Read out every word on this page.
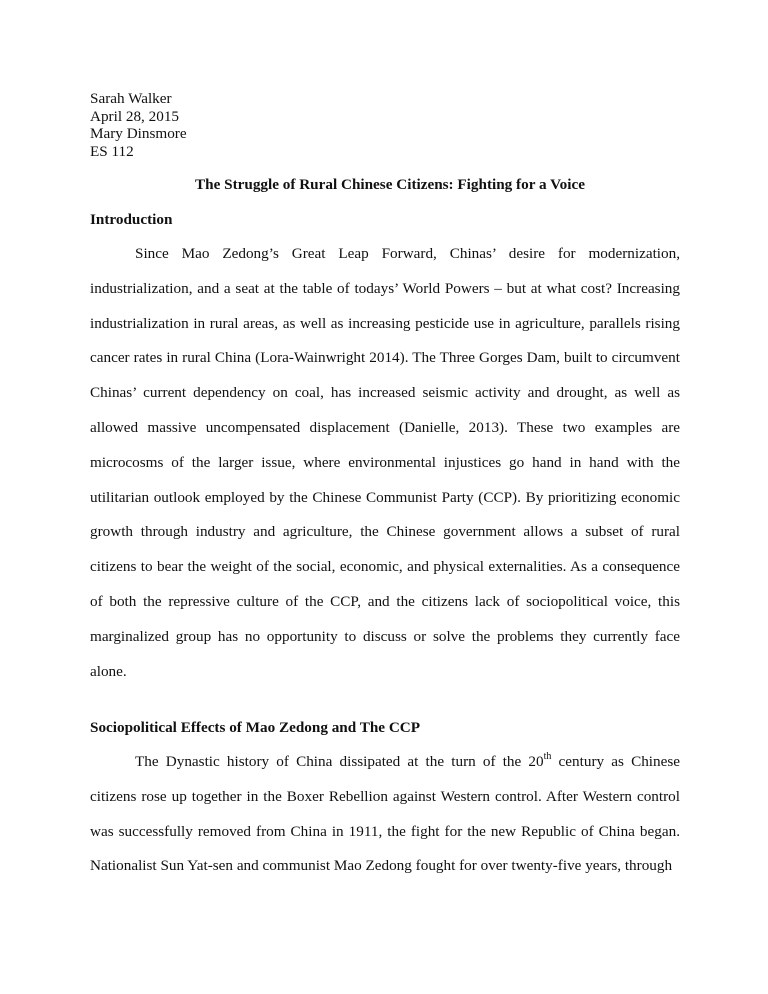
Sarah Walker
April 28, 2015
Mary Dinsmore
ES 112
The Struggle of Rural Chinese Citizens: Fighting for a Voice
Introduction

Since Mao Zedong’s Great Leap Forward, Chinas’ desire for modernization, industrialization, and a seat at the table of todays’ World Powers – but at what cost? Increasing industrialization in rural areas, as well as increasing pesticide use in agriculture, parallels rising cancer rates in rural China (Lora-Wainwright 2014). The Three Gorges Dam, built to circumvent Chinas’ current dependency on coal, has increased seismic activity and drought, as well as allowed massive uncompensated displacement (Danielle, 2013). These two examples are microcosms of the larger issue, where environmental injustices go hand in hand with the utilitarian outlook employed by the Chinese Communist Party (CCP). By prioritizing economic growth through industry and agriculture, the Chinese government allows a subset of rural citizens to bear the weight of the social, economic, and physical externalities. As a consequence of both the repressive culture of the CCP, and the citizens lack of sociopolitical voice, this marginalized group has no opportunity to discuss or solve the problems they currently face alone.

Sociopolitical Effects of Mao Zedong and The CCP

The Dynastic history of China dissipated at the turn of the 20th century as Chinese citizens rose up together in the Boxer Rebellion against Western control. After Western control was successfully removed from China in 1911, the fight for the new Republic of China began. Nationalist Sun Yat-sen and communist Mao Zedong fought for over twenty-five years, through
